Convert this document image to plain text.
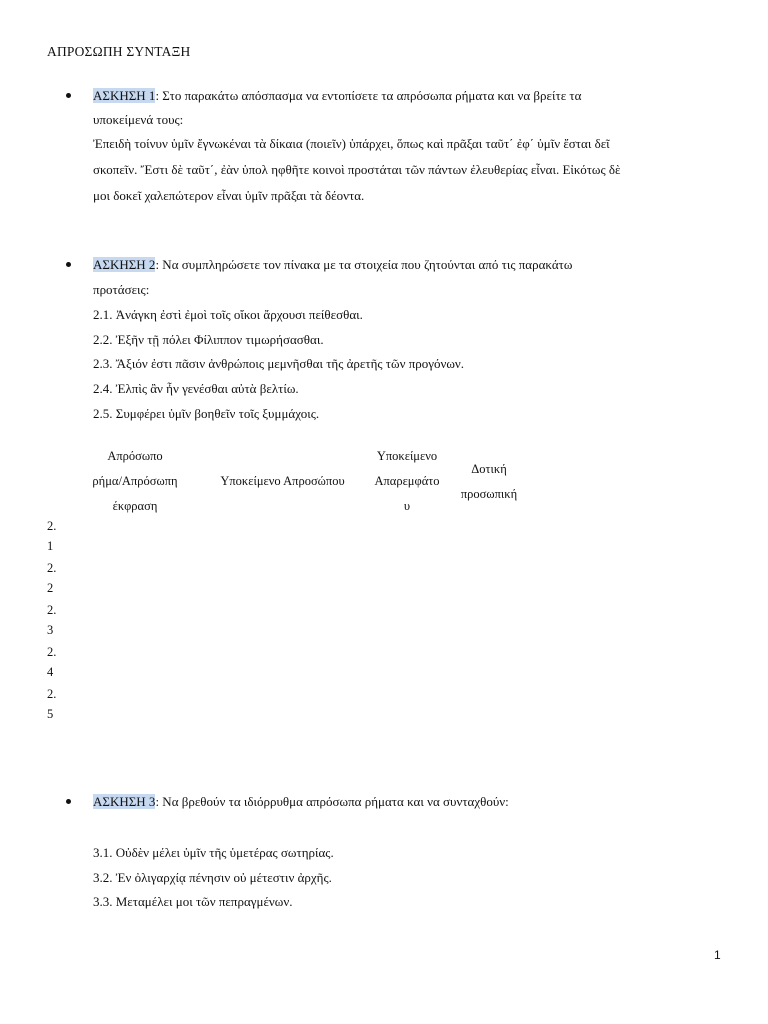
ΑΠΡΟΣΩΠΗ ΣΥΝΤΑΞΗ
ΑΣΚΗΣΗ 1: Στο παρακάτω απόσπασμα να εντοπίσετε τα απρόσωπα ρήματα και να βρείτε τα
υποκείμενά τους:
Ἐπειδὴ τοίνυν ὑμῖν ἔγνωκέναι τὰ δίκαια (ποιεῖν) ὑπάρχει, ὅπως καὶ πρᾶξαι ταῦτ΄ ἐφ΄ ὑμῖν ἔσται δεῖ
σκοπεῖν. Ἔστι δὲ ταῦτ΄, ἐὰν ὑπολ ηφθῆτε κοινοὶ προστάται τῶν πάντων ἐλευθερίας εἶναι. Εἰκότως δὲ
μοι δοκεῖ χαλεπώτερον εἶναι ὑμῖν πρᾶξαι τὰ δέοντα.
ΑΣΚΗΣΗ 2: Να συμπληρώσετε τον πίνακα με τα στοιχεία που ζητούνται από τις παρακάτω
προτάσεις:
2.1. Ἀνάγκη ἐστὶ ἐμοὶ τοῖς οἴκοι ἄρχουσι πείθεσθαι.
2.2. Ἐξῆν τῇ πόλει Φίλιππον τιμωρήσασθαι.
2.3. Ἄξιόν ἐστι πᾶσιν ἀνθρώποις μεμνῆσθαι τῆς ἀρετῆς τῶν προγόνων.
2.4. Ἐλπὶς ἂν ἦν γενέσθαι αὐτὰ βελτίω.
2.5. Συμφέρει ὑμῖν βοηθεῖν τοῖς ξυμμάχοις.
Απρόσωπο
ρήμα/Απρόσωπη
έκφραση
Υποκείμενο Απροσώπου
Υποκείμενο
Απαρεμφάτο
υ
Δοτική
προσωπική
2.
1
2.
2
2.
3
2.
4
2.
5
ΑΣΚΗΣΗ 3: Να βρεθούν τα ιδιόρρυθμα απρόσωπα ρήματα και να συνταχθούν:
3.1. Οὐδὲν μέλει ὑμῖν τῆς ὑμετέρας σωτηρίας.
3.2. Ἐν ὀλιγαρχίᾳ πένησιν οὐ μέτεστιν ἀρχῆς.
3.3. Μεταμέλει μοι τῶν πεπραγμένων.
1
